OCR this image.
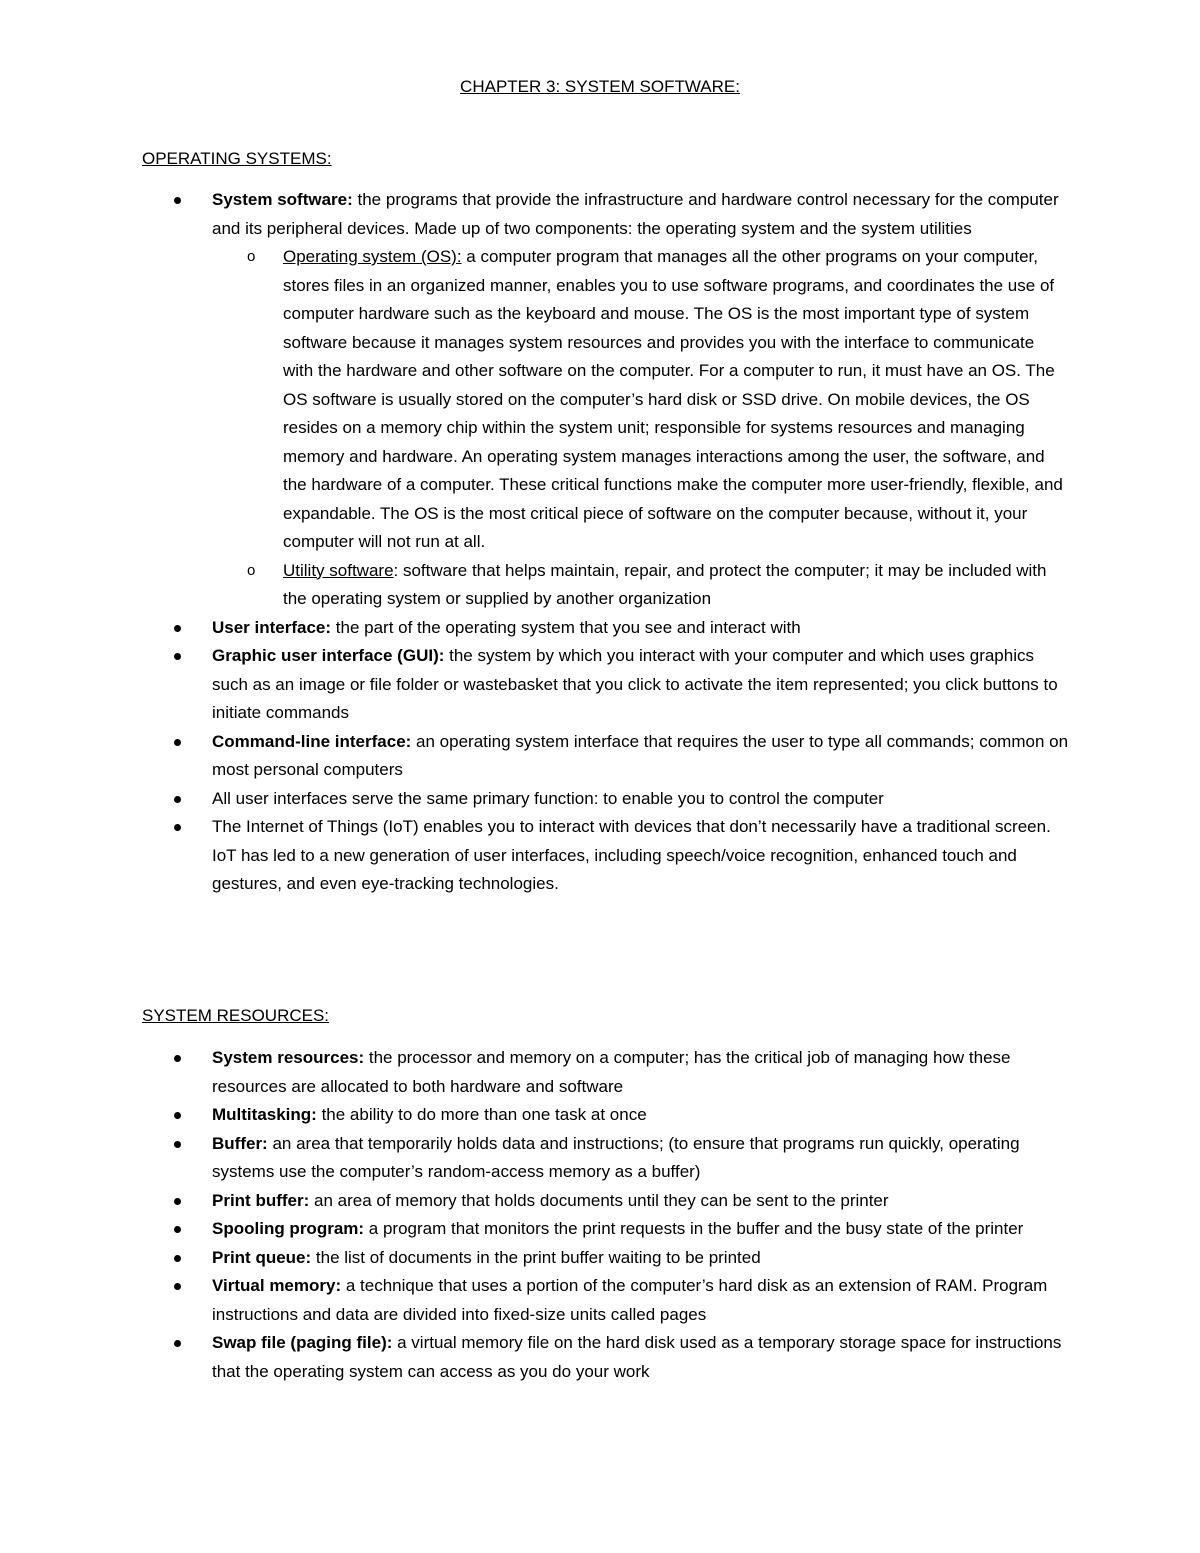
CHAPTER 3: SYSTEM SOFTWARE:
OPERATING SYSTEMS:
System software: the programs that provide the infrastructure and hardware control necessary for the computer and its peripheral devices. Made up of two components: the operating system and the system utilities
o Operating system (OS): a computer program that manages all the other programs on your computer, stores files in an organized manner, enables you to use software programs, and coordinates the use of computer hardware such as the keyboard and mouse. The OS is the most important type of system software because it manages system resources and provides you with the interface to communicate with the hardware and other software on the computer. For a computer to run, it must have an OS. The OS software is usually stored on the computer’s hard disk or SSD drive. On mobile devices, the OS resides on a memory chip within the system unit; responsible for systems resources and managing memory and hardware. An operating system manages interactions among the user, the software, and the hardware of a computer. These critical functions make the computer more user-friendly, flexible, and expandable. The OS is the most critical piece of software on the computer because, without it, your computer will not run at all.
o Utility software: software that helps maintain, repair, and protect the computer; it may be included with the operating system or supplied by another organization
User interface: the part of the operating system that you see and interact with
Graphic user interface (GUI): the system by which you interact with your computer and which uses graphics such as an image or file folder or wastebasket that you click to activate the item represented; you click buttons to initiate commands
Command-line interface: an operating system interface that requires the user to type all commands; common on most personal computers
All user interfaces serve the same primary function: to enable you to control the computer
The Internet of Things (IoT) enables you to interact with devices that don’t necessarily have a traditional screen. IoT has led to a new generation of user interfaces, including speech/voice recognition, enhanced touch and gestures, and even eye-tracking technologies.
SYSTEM RESOURCES:
System resources: the processor and memory on a computer; has the critical job of managing how these resources are allocated to both hardware and software
Multitasking: the ability to do more than one task at once
Buffer: an area that temporarily holds data and instructions; (to ensure that programs run quickly, operating systems use the computer’s random-access memory as a buffer)
Print buffer: an area of memory that holds documents until they can be sent to the printer
Spooling program: a program that monitors the print requests in the buffer and the busy state of the printer
Print queue: the list of documents in the print buffer waiting to be printed
Virtual memory: a technique that uses a portion of the computer’s hard disk as an extension of RAM. Program instructions and data are divided into fixed-size units called pages
Swap file (paging file): a virtual memory file on the hard disk used as a temporary storage space for instructions that the operating system can access as you do your work
